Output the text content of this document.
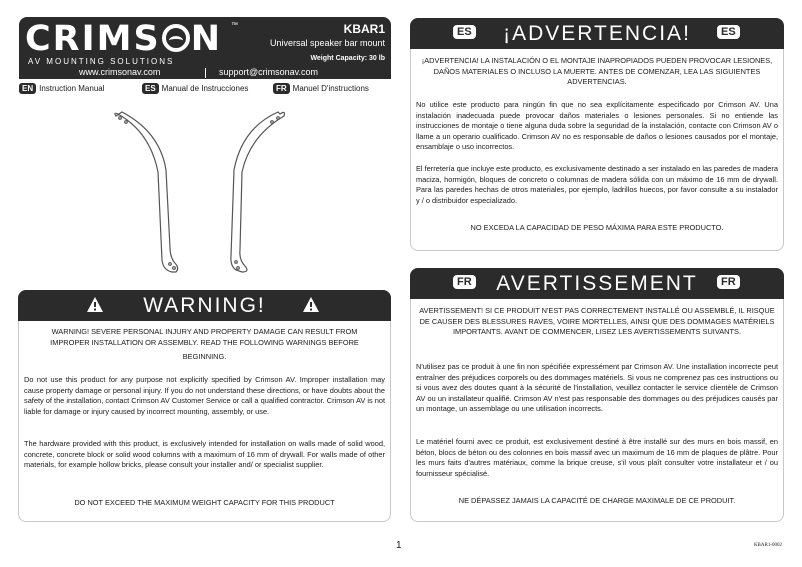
CRIMS N ™
AV MOUNTING SOLUTIONS
KBAR1
Universal speaker bar mount
Weight Capacity: 30 lb
www.crimsonav.com	support@crimsonav.com
EN Instruction Manual	ES Manual de Instrucciones	FR Manuel D'instructions
WARNING!
WARNING! SEVERE PERSONAL INJURY AND PROPERTY DAMAGE CAN RESULT FROM
IMPROPER INSTALLATION OR ASSEMBLY. READ THE FOLLOWING WARNINGS BEFORE
BEGINNING.
Do not use this product for any purpose not explicitly specified by Crimson AV. Improper installation may cause property damage or personal injury. If you do not understand these directions, or have doubts about the safety of the installation, contact Crimson AV Customer Service or call a qualified contractor. Crimson AV is not liable for damage or injury caused by incorrect mounting, assembly, or use.
The hardware provided with this product, is exclusively intended for installation on walls made of solid wood, concrete, concrete block or solid wood columns with a maximum of 16 mm of drywall. For walls made of other materials, for example hollow bricks, please consult your installer and/ or specialist supplier.
DO NOT EXCEED THE MAXIMUM WEIGHT CAPACITY FOR THIS PRODUCT
ES	¡ADVERTENCIA!	ES
¡ADVERTENCIA! LA INSTALACIÓN O EL MONTAJE INAPROPIADOS PUEDEN PROVOCAR LESIONES, DAÑOS MATERIALES O INCLUSO LA MUERTE. ANTES DE COMENZAR, LEA LAS SIGUIENTES ADVERTENCIAS.
No utilice este producto para ningún fin que no sea explícitamente especificado por Crimson AV. Una instalación inadecuada puede provocar daños materiales o lesiones personales. Si no entiende las instrucciones de montaje o tiene alguna duda sobre la seguridad de la instalación, contacte con Crimson AV o llame a un operario cualificado. Crimson AV no es responsable de daños o lesiones causados por el montaje, ensamblaje o uso incorrectos.
El ferretería que incluye este producto, es exclusivamente destinado a ser instalado en las paredes de madera maciza, hormigón, bloques de concreto o columnas de madera sólida con un máximo de 16 mm de drywall. Para las paredes hechas de otros materiales, por ejemplo, ladrillos huecos, por favor consulte a su instalador y / o distribuidor especializado.
NO EXCEDA LA CAPACIDAD DE PESO MÁXIMA PARA ESTE PRODUCTO.
FR	AVERTISSEMENT	FR
AVERTISSEMENT! SI CE PRODUIT N'EST PAS CORRECTEMENT INSTALLÉ OU ASSEMBLÉ, IL RISQUE DE CAUSER DES BLESSURES RAVES, VOIRE MORTELLES, AINSI QUE DES DOMMAGES MATÉRIELS IMPORTANTS. AVANT DE COMMENCER, LISEZ LES AVERTISSEMENTS SUIVANTS.
N'utilisez pas ce produit à une fin non spécifiée expressément par Crimson AV. Une installation incorrecte peut entraîner des préjudices corporels ou des dommages matériels. Si vous ne comprenez pas ces instructions ou si vous avez des doutes quant à la sécurité de l'installation, veuillez contacter le service clientèle de Crimson AV ou un installateur qualifié. Crimson AV n'est pas responsable des dommages ou des préjudices causés par un montage, un assemblage ou une utilisation incorrects.
Le matériel fourni avec ce produit, est exclusivement destiné à être installé sur des murs en bois massif, en béton, blocs de béton ou des colonnes en bois massif avec un maximum de 16 mm de plaques de plâtre. Pour les murs faits d'autres matériaux, comme la brique creuse, s'il vous plaît consulter votre installateur et / ou fournisseur spécialisé.
NE DÉPASSEZ JAMAIS LA CAPACITÉ DE CHARGE MAXIMALE DE CE PRODUIT.
1	KBAR1-0002
